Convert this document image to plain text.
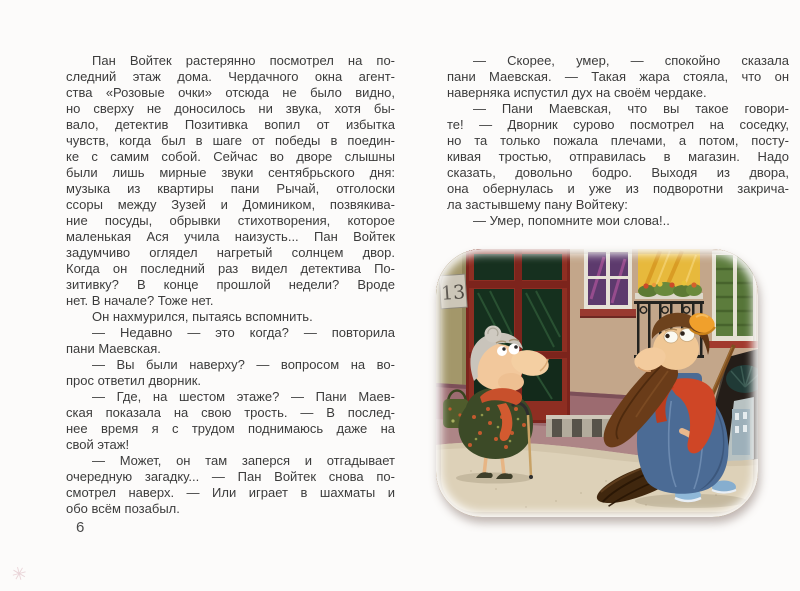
Пан Войтек растерянно посмотрел на по-
следний этаж дома. Чердачного окна агент-
ства «Розовые очки» отсюда не было видно,
но сверху не доносилось ни звука, хотя бы-
вало, детектив Позитивка вопил от избытка
чувств, когда был в шаге от победы в поедин-
ке с самим собой. Сейчас во дворе слышны
были лишь мирные звуки сентябрьского дня:
музыка из квартиры пани Рычай, отголоски
ссоры между Зузей и Домиником, позвякива-
ние посуды, обрывки стихотворения, которое
маленькая Ася учила наизусть... Пан Войтек
задумчиво оглядел нагретый солнцем двор.
Когда он последний раз видел детектива По-
зитивку? В конце прошлой недели? Вроде
нет. В начале? Тоже нет.

Он нахмурился, пытаясь вспомнить.

— Недавно — это когда? — повторила
пани Маевская.

— Вы были наверху? — вопросом на во-
прос ответил дворник.

— Где, на шестом этаже? — Пани Маев-
ская показала на свою трость. — В послед-
нее время я с трудом поднимаюсь даже на
свой этаж!

— Может, он там заперся и отгадывает
очередную загадку... — Пан Войтек снова по-
смотрел наверх. — Или играет в шахматы и
обо всём позабыл.

6
✳

— Скорее, умер, — спокойно сказала
пани Маевская. — Такая жара стояла, что он
наверняка испустил дух на своём чердаке.

— Пани Маевская, что вы такое говори-
те! — Дворник сурово посмотрел на соседку,
но та только пожала плечами, а потом, посту-
кивая тростью, отправилась в магазин. Надо
сказать, довольно бодро. Выходя из двора,
она обернулась и уже из подворотни закрича-
ла застывшему пану Войтеку:

— Умер, попомните мои слова!..

13
